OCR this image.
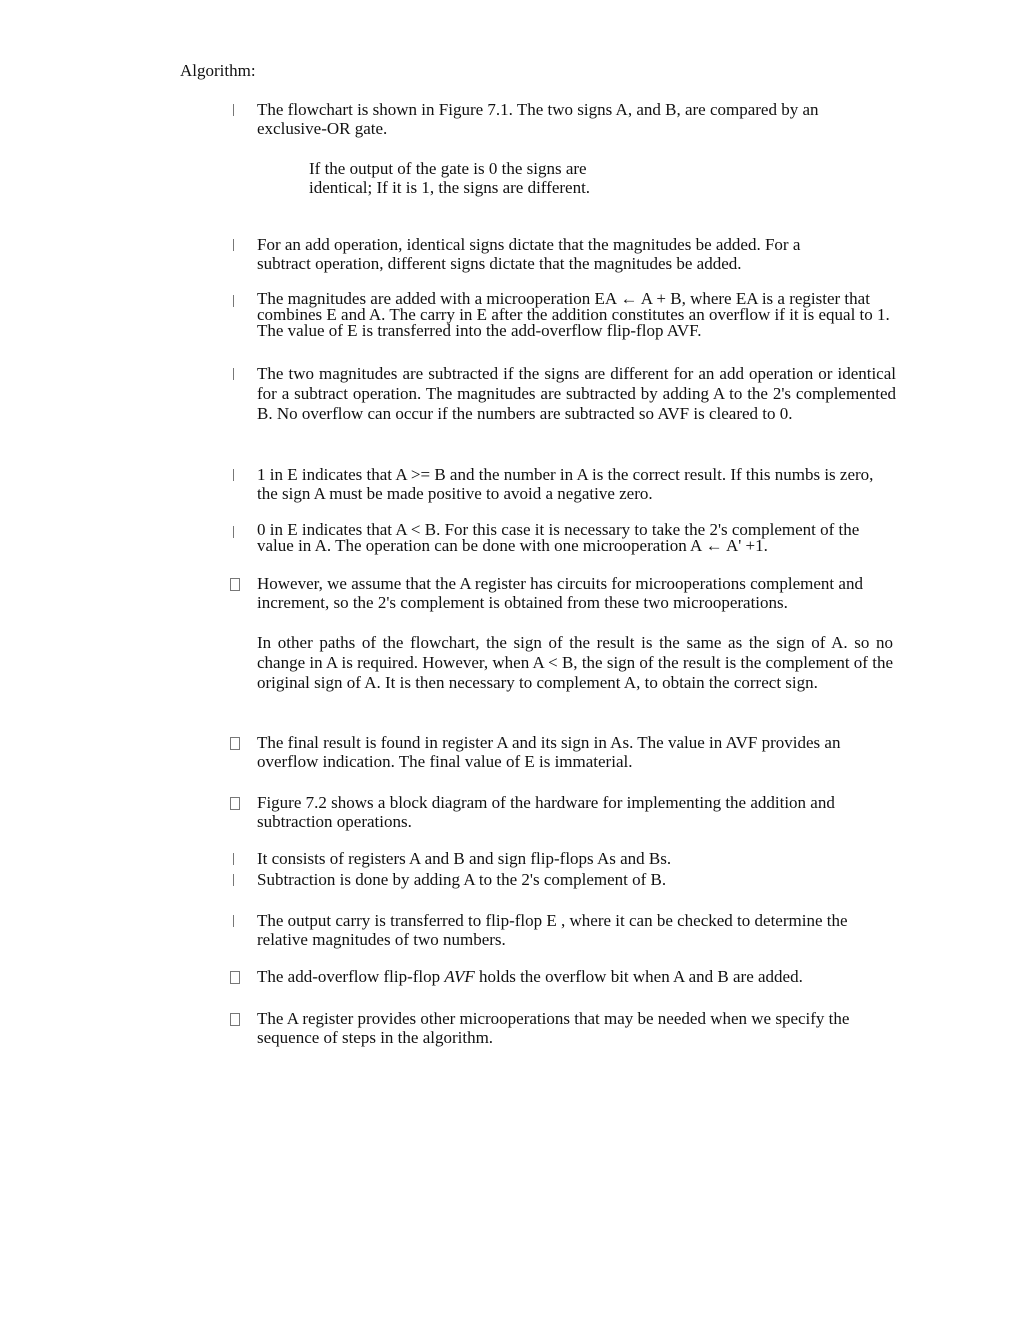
Algorithm:
The flowchart is shown in Figure 7.1. The two signs A, and B, are compared by an exclusive-OR gate.
If the output of the gate is 0 the signs are
identical; If it is 1, the signs are different.
For an add operation, identical signs dictate that the magnitudes be added. For a subtract operation, different signs dictate that the magnitudes be added.
The magnitudes are added with a microoperation EA ← A + B, where EA is a register that combines E and A. The carry in E after the addition constitutes an overflow if it is equal to 1. The value of E is transferred into the add-overflow flip-flop AVF.
The two magnitudes are subtracted if the signs are different for an add operation or identical for a subtract operation. The magnitudes are subtracted by adding A to the 2's complemented B. No overflow can occur if the numbers are subtracted so AVF is cleared to 0.
1 in E indicates that A >= B and the number in A is the correct result. If this numbs is zero, the sign A must be made positive to avoid a negative zero.
0 in E indicates that A < B. For this case it is necessary to take the 2's complement of the value in A. The operation can be done with one microoperation A ← A' +1.
However, we assume that the A register has circuits for microoperations complement and increment, so the 2's complement is obtained from these two microoperations.
In other paths of the flowchart, the sign of the result is the same as the sign of A. so no change in A is required. However, when A < B, the sign of the result is the complement of the original sign of A. It is then necessary to complement A, to obtain the correct sign.
The final result is found in register A and its sign in As. The value in AVF provides an overflow indication. The final value of E is immaterial.
Figure 7.2 shows a block diagram of the hardware for implementing the addition and subtraction operations.
It consists of registers A and B and sign flip-flops As and Bs.
Subtraction is done by adding A to the 2's complement of B.
The output carry is transferred to flip-flop E , where it can be checked to determine the relative magnitudes of two numbers.
The add-overflow flip-flop AVF holds the overflow bit when A and B are added.
The A register provides other microoperations that may be needed when we specify the sequence of steps in the algorithm.
